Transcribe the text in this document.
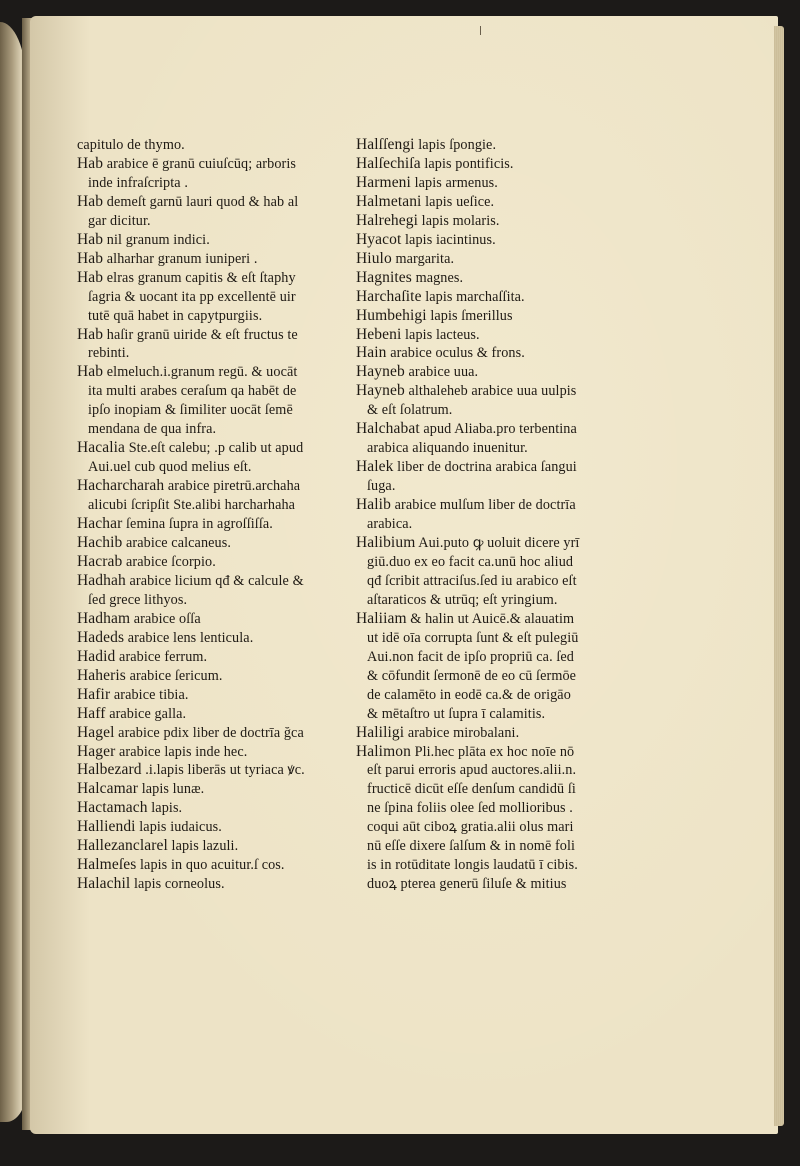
capitulo de thymo.
Hab arabice ē granū cuiuſcūq; arboris
inde infraſcripta .
Hab demeſt garnū lauri quod & hab al
gar dicitur.
Hab nil granum indici.
Hab alharhar granum iuniperi .
Hab elras granum capitis & eſt ſtaphy
ſagria & uocant ita pp excellentē uir
tutē quā habet in capytpurgiis.
Hab haſir granū uiride & eſt fructus te
rebinti.
Hab elmeluch.i.granum regū. & uocāt
ita multi arabes ceraſum qa habēt de
ipſo inopiam & ſimiliter uocāt ſemē
mendana de qua infra.
Hacalia Ste.eſt calebu; .p calib ut apud
Aui.uel cub quod melius eſt.
Hacharcharah arabice piretrū.archaha
alicubi ſcripſit Ste.alibi harcharhaha
Hachar ſemina ſupra in agroſſiſſa.
Hachib arabice calcaneus.
Hacrab arabice ſcorpio.
Hadhah arabice licium qđ & calcule &
ſed grece lithyos.
Hadham arabice oſſa
Hadeds arabice lens lenticula.
Hadid arabice ferrum.
Haheris arabice ſericum.
Hafir arabice tibia.
Haff arabice galla.
Hagel arabice pdix liber de doctrīa ğca
Hager arabice lapis inde hec.
Halbezard .i.lapis liberās ut tyriaca ꝟc.
Halcamar lapis lunæ.
Hactamach lapis.
Halliendi lapis iudaicus.
Hallezanclarel lapis lazuli.
Halmeſes lapis in quo acuitur.ſ cos.
Halachil lapis corneolus.
Halſſengi lapis ſpongie.
Halſechiſa lapis pontificis.
Harmeni lapis armenus.
Halmetani lapis ueſice.
Halrehegi lapis molaris.
Hyacot lapis iacintinus.
Hiulo margarita.
Hagnites magnes.
Harchaſite lapis marchaſſita.
Humbehigi lapis ſmerillus
Hebeni lapis lacteus.
Hain arabice oculus & frons.
Hayneb arabice uua.
Hayneb althaleheb arabice uua uulpis
& eſt ſolatrum.
Halchabat apud Aliaba.pro terbentina
arabica aliquando inuenitur.
Halek liber de doctrina arabica ſangui
ſuga.
Halib arabice mulſum liber de doctrīa
arabica.
Halibium Aui.puto ꝙ uoluit dicere yrī
giū.duo ex eo facit ca.unū hoc aliud
qđ ſcribit attraciſus.ſed iu arabico eſt
aſtaraticos & utrūq; eſt yringium.
Haliiam & halin ut Auicē.& alauatim
ut idē oīa corrupta ſunt & eſt pulegiū
Aui.non facit de ipſo propriū ca. ſed
& cōfundit ſermonē de eo cū ſermōe
de calamēto in eodē ca.& de origāo
& mētaſtro ut ſupra ī calamitis.
Haliligi arabice mirobalani.
Halimon Pli.hec plāta ex hoc noīe nō
eſt parui erroris apud auctores.alii.n.
fructicē dicūt eſſe denſum candidū ſi
ne ſpina foliis olee ſed mollioribus .
coqui aūt ciboꝝ gratia.alii olus mari
nū eſſe dixere ſalſum & in nomē foli
is in rotūditate longis laudatū ī cibis.
duoꝝ pterea generū ſiluſe & mitius
